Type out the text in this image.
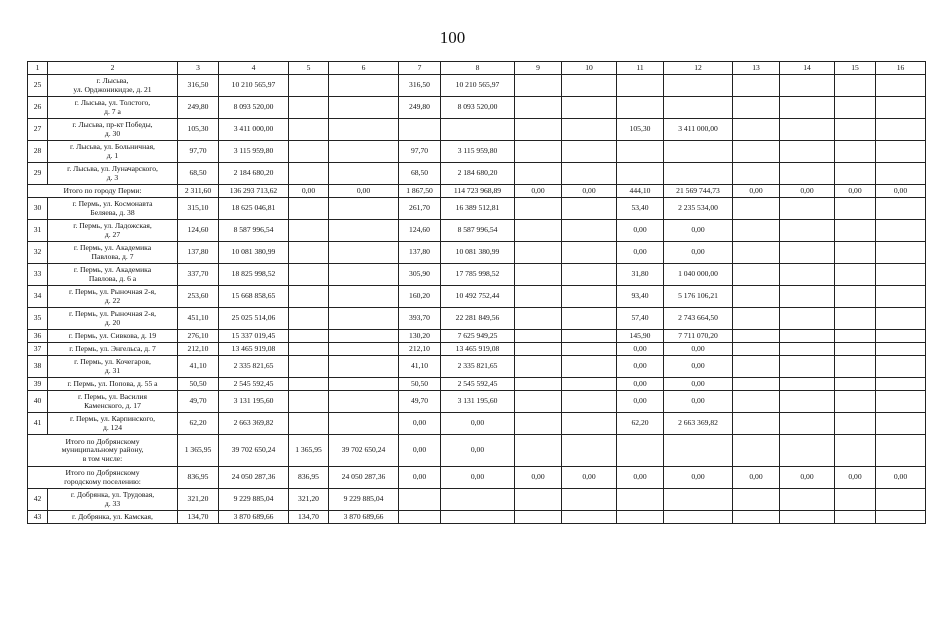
100
1	2	3	4	5	6	7	8	9	10	11	12	13	14	15	16
25	г. Лысьва,
ул. Орджоникидзе, д. 21	316,50	10 210 565,97			316,50	10 210 565,97								
26	г. Лысьва, ул. Толстого,
д. 7 а	249,80	8 093 520,00			249,80	8 093 520,00								
27	г. Лысьва, пр-кт Победы,
д. 30	105,30	3 411 000,00							105,30	3 411 000,00				
28	г. Лысьва, ул. Больничная,
д. 1	97,70	3 115 959,80			97,70	3 115 959,80								
29	г. Лысьва, ул. Луначарского,
д. 3	68,50	2 184 680,20			68,50	2 184 680,20								
Итого по городу Перми:		2 311,60	136 293 713,62	0,00	0,00	1 867,50	114 723 968,89	0,00	0,00	444,10	21 569 744,73	0,00	0,00	0,00	0,00
30	г. Пермь, ул. Космонавта
Беляева, д. 38	315,10	18 625 046,81			261,70	16 389 512,81			53,40	2 235 534,00				
31	г. Пермь, ул. Ладожская,
д. 27	124,60	8 587 996,54			124,60	8 587 996,54			0,00	0,00				
32	г. Пермь, ул. Академика
Павлова, д. 7	137,80	10 081 380,99			137,80	10 081 380,99			0,00	0,00				
33	г. Пермь, ул. Академика
Павлова, д. 6 а	337,70	18 825 998,52			305,90	17 785 998,52			31,80	1 040 000,00				
34	г. Пермь, ул. Рыночная 2-я,
д. 22	253,60	15 668 858,65			160,20	10 492 752,44			93,40	5 176 106,21				
35	г. Пермь, ул. Рыночная 2-я,
д. 20	451,10	25 025 514,06			393,70	22 281 849,56			57,40	2 743 664,50				
36	г. Пермь, ул. Сивкова, д. 19	276,10	15 337 019,45			130,20	7 625 949,25			145,90	7 711 070,20				
37	г. Пермь, ул. Энгельса, д. 7	212,10	13 465 919,08			212,10	13 465 919,08			0,00	0,00				
38	г. Пермь, ул. Кочегаров,
д. 31	41,10	2 335 821,65			41,10	2 335 821,65			0,00	0,00				
39	г. Пермь, ул. Попова, д. 55 а	50,50	2 545 592,45			50,50	2 545 592,45			0,00	0,00				
40	г. Пермь, ул. Василия
Каменского, д. 17	49,70	3 131 195,60			49,70	3 131 195,60			0,00	0,00				
41	г. Пермь, ул. Карпинского,
д. 124	62,20	2 663 369,82			0,00	0,00			62,20	2 663 369,82				
Итого по Добрянскому
муниципальному району,
в том числе:		1 365,95	39 702 650,24	1 365,95	39 702 650,24	0,00	0,00								
Итого по Добрянскому
городскому поселению:		836,95	24 050 287,36	836,95	24 050 287,36	0,00	0,00	0,00	0,00	0,00	0,00	0,00	0,00	0,00	0,00
42	г. Добрянка, ул. Трудовая,
д. 33	321,20	9 229 885,04	321,20	9 229 885,04										
43	г. Добрянка, ул. Камская,	134,70	3 870 689,66	134,70	3 870 689,66										
